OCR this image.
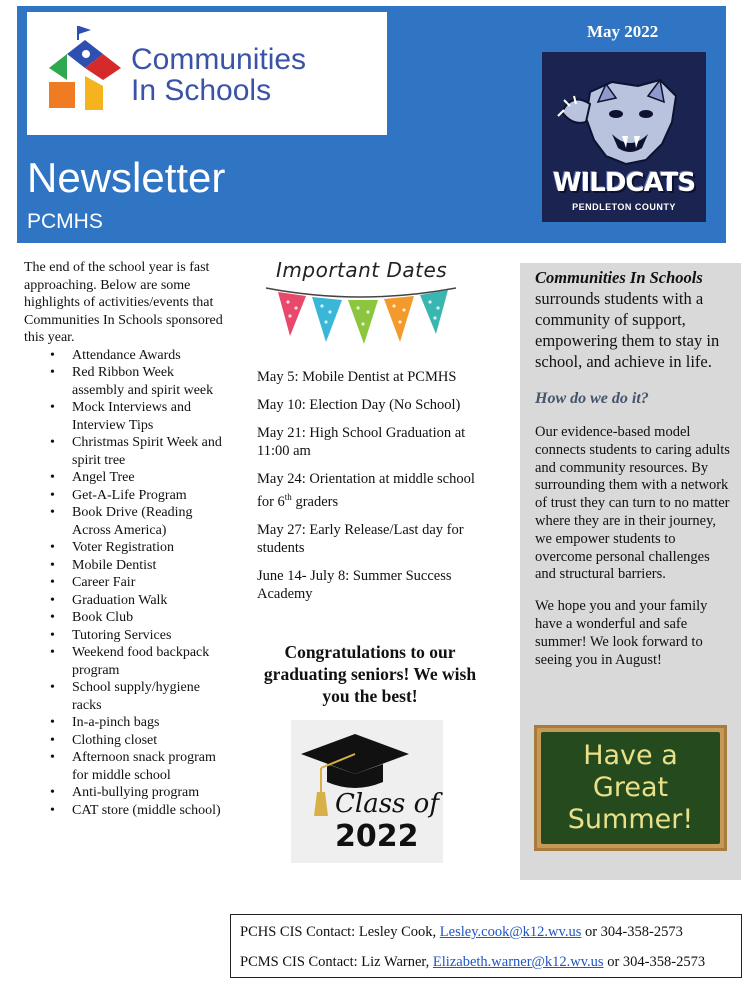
Communities
In Schools
Newsletter
PCMHS
May 2022
WILDCATS
PENDLETON COUNTY

The end of the school year is fast approaching. Below are some highlights of activities/events that Communities In Schools sponsored this year.

• Attendance Awards
• Red Ribbon Week assembly and spirit week
• Mock Interviews and Interview Tips
• Christmas Spirit Week and spirit tree
• Angel Tree
• Get-A-Life Program
• Book Drive (Reading Across America)
• Voter Registration
• Mobile Dentist
• Career Fair
• Graduation Walk
• Book Club
• Tutoring Services
• Weekend food backpack program
• School supply/hygiene racks
• In-a-pinch bags
• Clothing closet
• Afternoon snack program for middle school
• Anti-bullying program
• CAT store (middle school)
Important Dates

May 5: Mobile Dentist at PCMHS

May 10: Election Day (No School)

May 21: High School Graduation at 11:00 am

May 24: Orientation at middle school for 6th graders

May 27: Early Release/Last day for students

June 14- July 8: Summer Success Academy

Congratulations to our graduating seniors! We wish you the best!
Class of
2022

Communities In Schools surrounds students with a community of support, empowering them to stay in school, and achieve in life.

How do we do it?

Our evidence-based model connects students to caring adults and community resources. By surrounding them with a network of trust they can turn to no matter where they are in their journey, we empower students to overcome personal challenges and structural barriers.

We hope you and your family have a wonderful and safe summer! We look forward to seeing you in August!

Have a
Great
Summer!
PCHS CIS Contact: Lesley Cook, Lesley.cook@k12.wv.us or 304-358-2573
PCMS CIS Contact: Liz Warner, Elizabeth.warner@k12.wv.us or 304-358-2573
